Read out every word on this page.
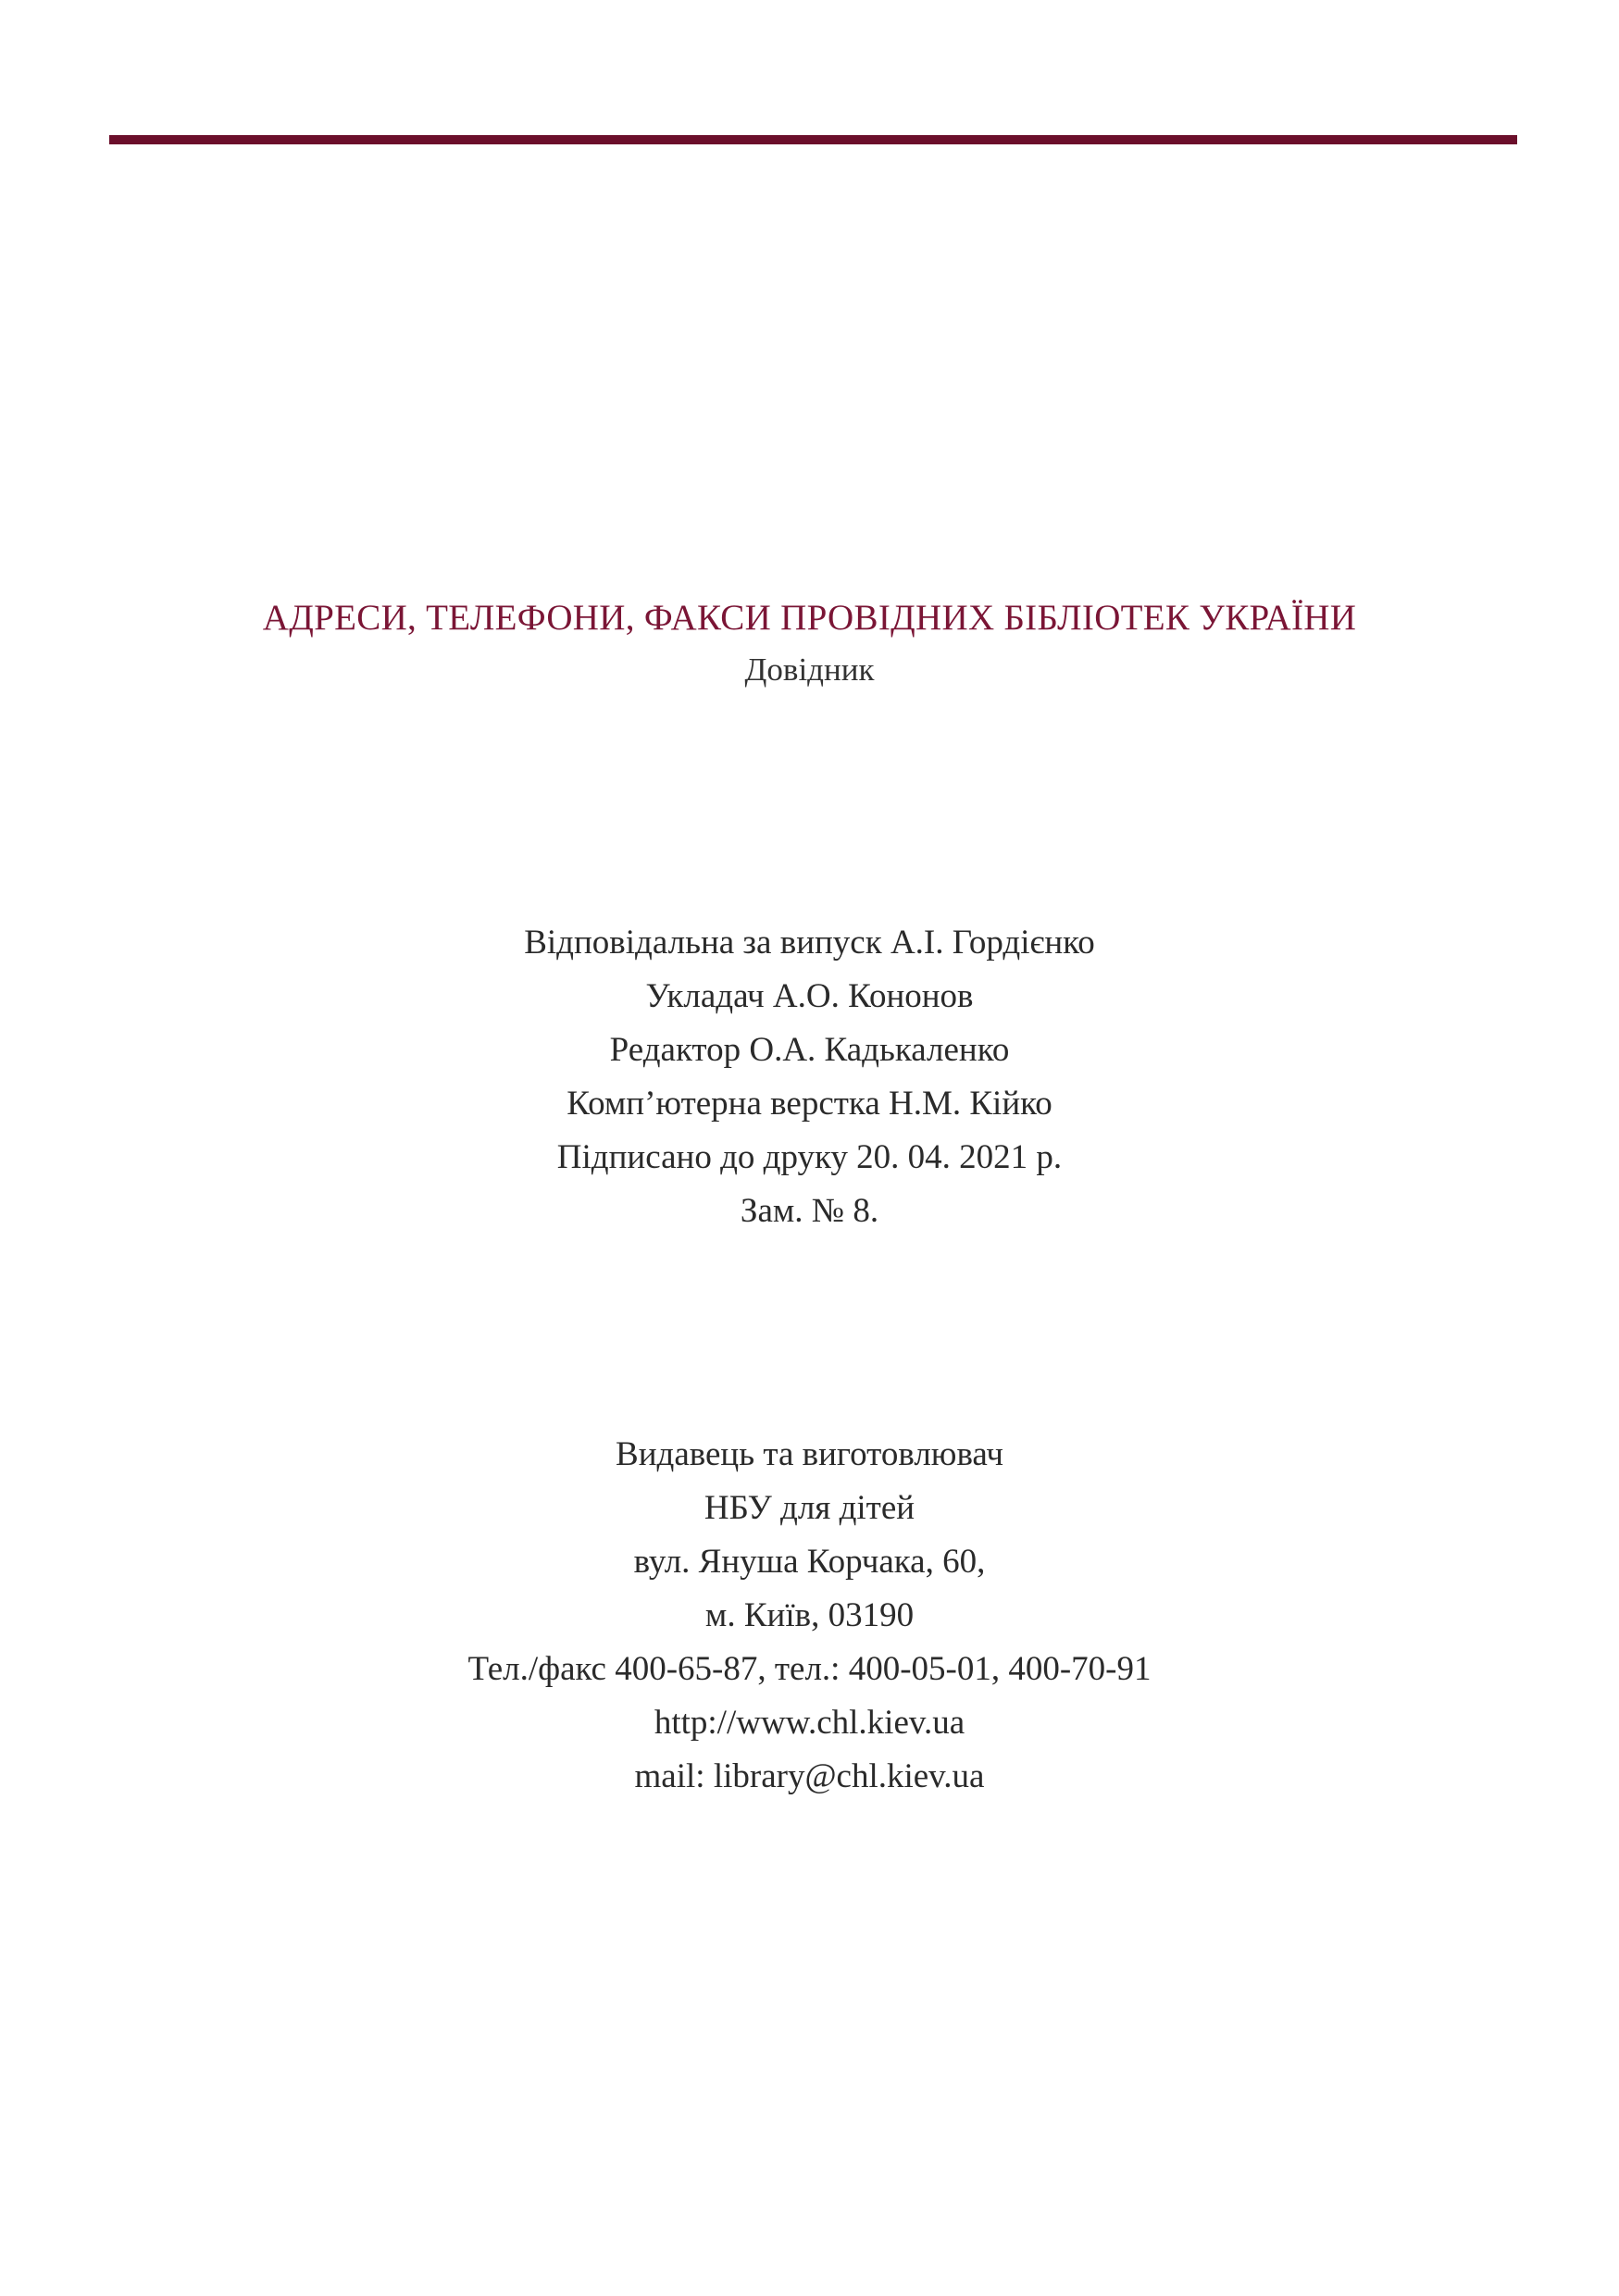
АДРЕСИ, ТЕЛЕФОНИ, ФАКСИ ПРОВІДНИХ БІБЛІОТЕК УКРАЇНИ
Довідник
Відповідальна за випуск А.І. Гордієнко
Укладач А.О. Кононов
Редактор О.А. Кадькаленко
Комп’ютерна верстка Н.М. Кійко
Підписано до друку 20. 04. 2021 р.
Зам. № 8.
Видавець та виготовлювач
НБУ для дітей
вул. Януша Корчака, 60,
м. Київ, 03190
Тел./факс 400-65-87, тел.: 400-05-01, 400-70-91
http://www.chl.kiev.ua
mail: library@chl.kiev.ua
